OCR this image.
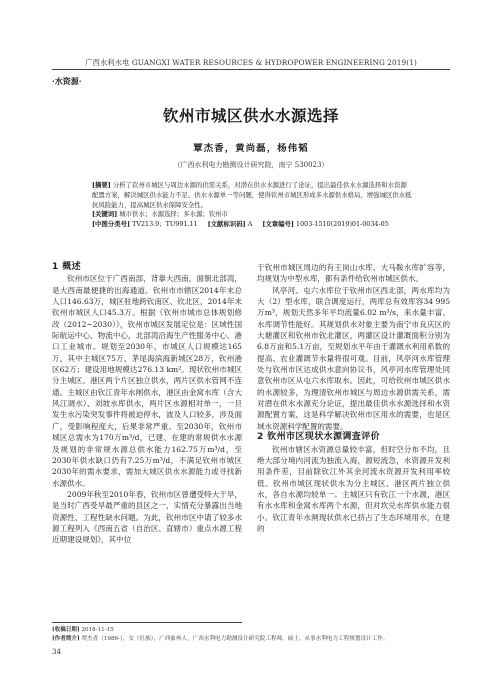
广西水利水电 GUANGXI WATER RESOURCES & HYDROPOWER ENGINEERING 2019(1)
·水资源·
钦州市城区供水水源选择
覃杰香，黄尚磊，杨伟韬
（广西水利电力勘测设计研究院，南宁 530023）

[摘要] 分析了钦州市城区与周边水源的供需关系，对潜在供水水源进行了论证，提出最佳供水水源选择和水资源配置方案，解决城区供水能力不足、供水水源单一等问题，使得钦州市城区形成多水源供水格局，增强城区供水抵抗风险能力，提高城区供水保障安全性。

[关键词] 城市供水；水源选择；多水源；钦州市

[中图分类号] TV213.9；TU991.11 [文献标识码] A [文章编号] 1003-1510(2019)01-0034-05

1 概述

钦州市区位于广西南部，背靠大西南，面朝北部湾，是大西南最便捷的出海通道。钦州市市辖区2014年末总人口146.63万，城区驻地跨钦南区、钦北区，2014年末钦州市城区人口45.3万。根据《钦州市城市总体规划修改（2012~2030）》，钦州市城区发展定位是：区域性国际航运中心、物流中心，北部湾沿海生产性服务中心、港口工业城市。规划至2030年，市城区人口规模达165万，其中主城区75万，茅尾海滨海新城区28万，钦州港区62万；建设用地规模达276.13 km²。现状钦州市城区分主城区、港区两个片区独立供水，两片区供水管网不连通。主城区由钦江青年水闸供水，港区由金窝水库（含大风江调水）、刘坡水库供水，两片区水源相对单一，一旦发生水污染突发事件将被迫停水，波及人口较多，涉及面广，受影响程度大，后果非常严重。至2030年，钦州市城区总需水为170万m³/d，已建、在建的常规供水水源及规划的非常规水源总供水能力162.75万m³/d，至2030年供水缺口仍有7.25万m³/d，不满足钦州市城区2030年的需水要求，需加大城区供水水源能力或寻找新水源供水。

2009年秋至2010年春，钦州市区曾遭受特大干旱，是当时广西受旱最严重的县区之一，实情充分暴露出当地资源性、工程性缺水问题。为此，钦州市区中请了较多水源工程列入《西南五省（自治区、直辖市）重点水源工程近期建设规划》，其中位

于钦州市城区周边的有王岗山水库、大马鞍水库扩容等，均规划为中型水库，都有条件给钦州市城区供水。

风亭河、屯六水库位于钦州市区西北部，两水库均为大（2）型水库，联合调度运行，两库总有效库容34 995万m³，规划天然多年平均流量6.02 m³/s，来水量丰富、水库调节性能好。其规划供水对象主要为南宁市良庆区的大塘灌区和钦州市钦北灌区，两灌区设计灌溉面积分别为6.8万亩和5.1万亩，至规划水平年由于灌溉水利用系数的提高、农业灌溉节水量将很可观。目前，风亭河水库管理处与钦州市区达成供水意向协议书，风亭河水库管理处同意钦州市区从屯六水库取水。因此，可给钦州市城区供水的水源较多，为理清钦州市城区与周边水源供需关系，需对潜在供水水源充分论证，提出最佳供水水源选择和水资源配置方案，这是科学解决钦州市区用水的需要，也是区域水资源科学配置的需要。

2 钦州市区现状水源调查评价

钦州市辖区水资源总量较丰富，但时空分布不均，且绝大部分境内河流为独流入海，源短流急，水资源开发利用条件差，目前除钦江外其余河流水资源开发利用率较低。钦州市城区现状供水为分主城区、港区两片独立供水，各自水源均较单一。主城区只有钦江一个水源，港区有水水库和金窝水库两个水源，但对坎兑水库供水能力很小。钦江青年水闸现状供水已挤占了生态环境用水，在建的

[收稿日期] 2018-11-15

[作者简介] 覃杰香（1986-），女（壮族），广西象州人，广西水利电力勘测设计研究院工程师，硕士，从事水利电力工程规划设计工作。

34
